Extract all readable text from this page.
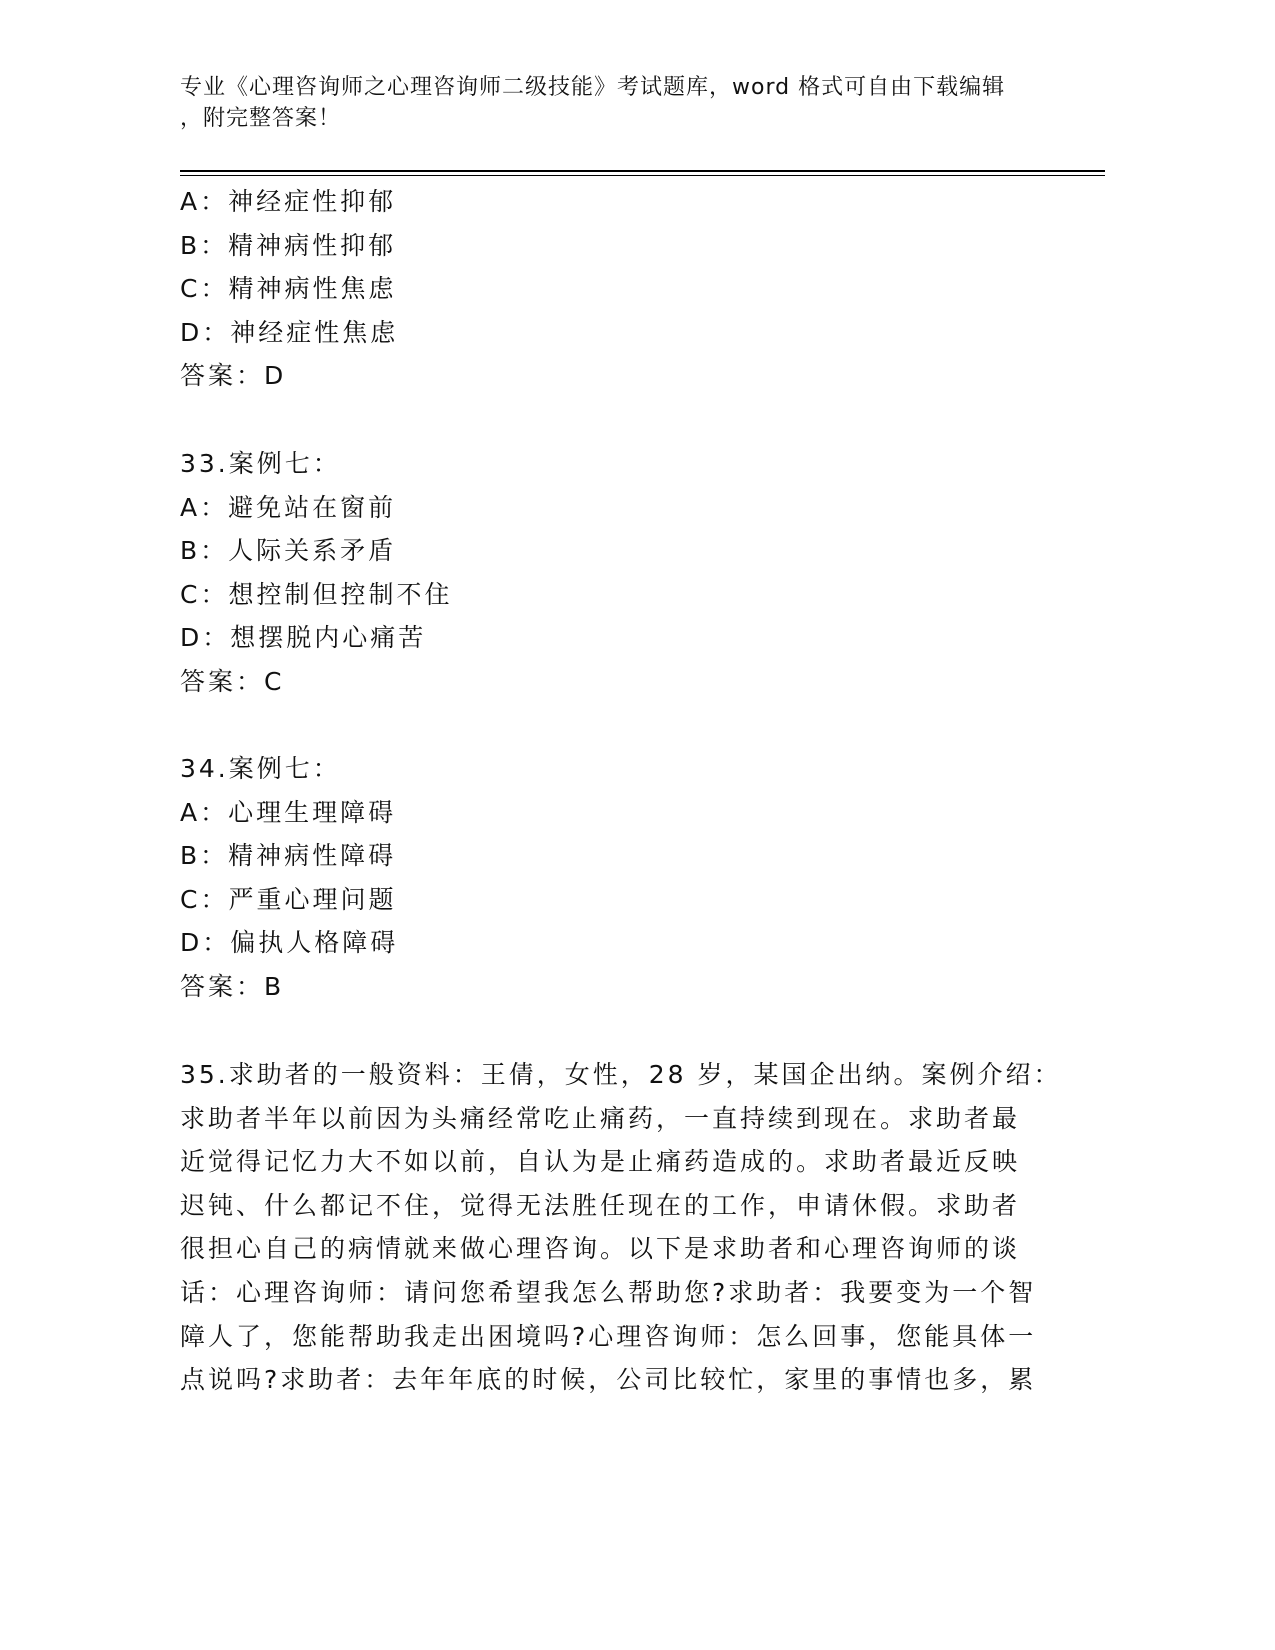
专业《心理咨询师之心理咨询师二级技能》考试题库，word 格式可自由下载编辑
，附完整答案！
A：神经症性抑郁
B：精神病性抑郁
C：精神病性焦虑
D：神经症性焦虑
答案：D
33.案例七：
A：避免站在窗前
B：人际关系矛盾
C：想控制但控制不住
D：想摆脱内心痛苦
答案：C
34.案例七：
A：心理生理障碍
B：精神病性障碍
C：严重心理问题
D：偏执人格障碍
答案：B
35.求助者的一般资料：王倩，女性，28 岁，某国企出纳。案例介绍：
求助者半年以前因为头痛经常吃止痛药，一直持续到现在。求助者最
近觉得记忆力大不如以前，自认为是止痛药造成的。求助者最近反映
迟钝、什么都记不住，觉得无法胜任现在的工作，申请休假。求助者
很担心自己的病情就来做心理咨询。以下是求助者和心理咨询师的谈
话：心理咨询师：请问您希望我怎么帮助您?求助者：我要变为一个智
障人了，您能帮助我走出困境吗?心理咨询师：怎么回事，您能具体一
点说吗?求助者：去年年底的时候，公司比较忙，家里的事情也多，累
